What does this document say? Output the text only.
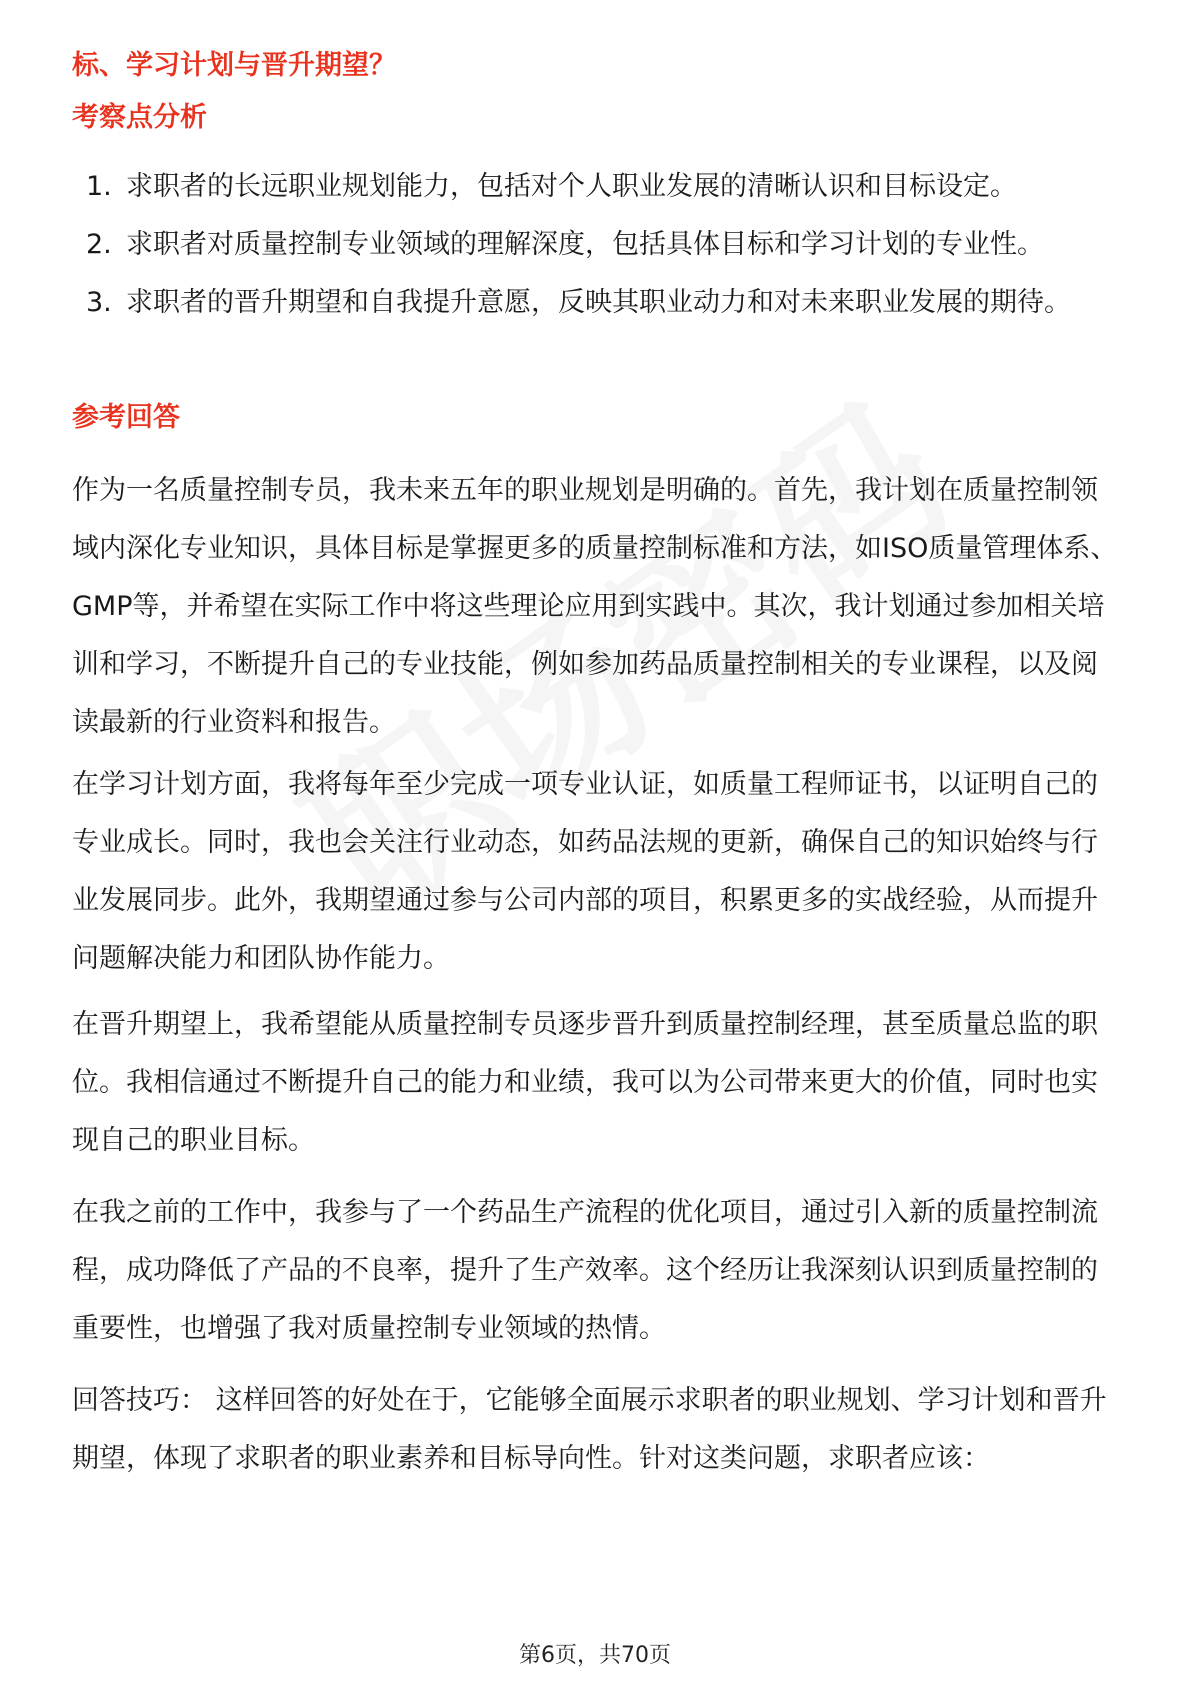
标、学习计划与晋升期望？
考察点分析
1. 求职者的长远职业规划能力，包括对个人职业发展的清晰认识和目标设定。
2. 求职者对质量控制专业领域的理解深度，包括具体目标和学习计划的专业性。
3. 求职者的晋升期望和自我提升意愿，反映其职业动力和对未来职业发展的期待。
参考回答

作为一名质量控制专员，我未来五年的职业规划是明确的。首先，我计划在质量控制领域内深化专业知识，具体目标是掌握更多的质量控制标准和方法，如ISO质量管理体系、GMP等，并希望在实际工作中将这些理论应用到实践中。其次，我计划通过参加相关培训和学习，不断提升自己的专业技能，例如参加药品质量控制相关的专业课程，以及阅读最新的行业资料和报告。

在学习计划方面，我将每年至少完成一项专业认证，如质量工程师证书，以证明自己的专业成长。同时，我也会关注行业动态，如药品法规的更新，确保自己的知识始终与行业发展同步。此外，我期望通过参与公司内部的项目，积累更多的实战经验，从而提升问题解决能力和团队协作能力。

在晋升期望上，我希望能从质量控制专员逐步晋升到质量控制经理，甚至质量总监的职位。我相信通过不断提升自己的能力和业绩，我可以为公司带来更大的价值，同时也实现自己的职业目标。

在我之前的工作中，我参与了一个药品生产流程的优化项目，通过引入新的质量控制流程，成功降低了产品的不良率，提升了生产效率。这个经历让我深刻认识到质量控制的重要性，也增强了我对质量控制专业领域的热情。

回答技巧： 这样回答的好处在于，它能够全面展示求职者的职业规划、学习计划和晋升期望，体现了求职者的职业素养和目标导向性。针对这类问题，求职者应该：

第6页，共70页
